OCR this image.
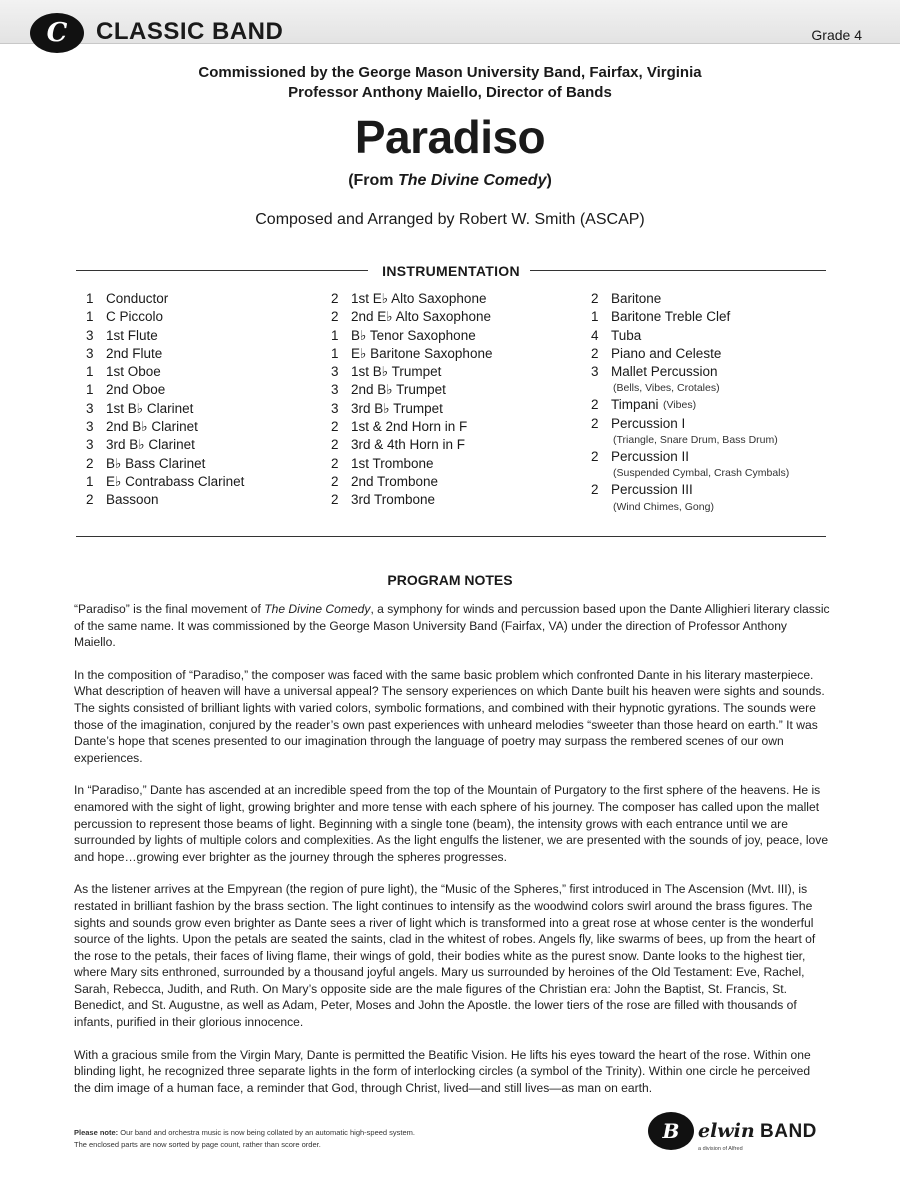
C CLASSIC BAND	Grade 4
Commissioned by the George Mason University Band, Fairfax, Virginia
Professor Anthony Maiello, Director of Bands
Paradiso
(From The Divine Comedy)
Composed and Arranged by Robert W. Smith (ASCAP)
INSTRUMENTATION
1 Conductor
1 C Piccolo
3 1st Flute
3 2nd Flute
1 1st Oboe
1 2nd Oboe
3 1st B♭ Clarinet
3 2nd B♭ Clarinet
3 3rd B♭ Clarinet
2 B♭ Bass Clarinet
1 E♭ Contrabass Clarinet
2 Bassoon
2 1st E♭ Alto Saxophone
2 2nd E♭ Alto Saxophone
1 B♭ Tenor Saxophone
1 E♭ Baritone Saxophone
3 1st B♭ Trumpet
3 2nd B♭ Trumpet
3 3rd B♭ Trumpet
2 1st & 2nd Horn in F
2 3rd & 4th Horn in F
2 1st Trombone
2 2nd Trombone
2 3rd Trombone
2 Baritone
1 Baritone Treble Clef
4 Tuba
2 Piano and Celeste
3 Mallet Percussion
(Bells, Vibes, Crotales)
2 Timpani (Vibes)
2 Percussion I
(Triangle, Snare Drum, Bass Drum)
2 Percussion II
(Suspended Cymbal, Crash Cymbals)
2 Percussion III
(Wind Chimes, Gong)
PROGRAM NOTES

“Paradiso” is the final movement of The Divine Comedy, a symphony for winds and percussion based upon the Dante Allighieri literary classic of the same name. It was commissioned by the George Mason University Band (Fairfax, VA) under the direction of Professor Anthony Maiello.

In the composition of “Paradiso,” the composer was faced with the same basic problem which confronted Dante in his literary masterpiece. What description of heaven will have a universal appeal? The sensory experiences on which Dante built his heaven were sights and sounds. The sights consisted of brilliant lights with varied colors, symbolic formations, and combined with their hypnotic gyrations. The sounds were those of the imagination, conjured by the reader’s own past experiences with unheard melodies “sweeter than those heard on earth.” It was Dante’s hope that scenes presented to our imagination through the language of poetry may surpass the rembered scenes of our own experiences.

In “Paradiso,” Dante has ascended at an incredible speed from the top of the Mountain of Purgatory to the first sphere of the heavens. He is enamored with the sight of light, growing brighter and more tense with each sphere of his journey. The composer has called upon the mallet percussion to represent those beams of light. Beginning with a single tone (beam), the intensity grows with each entrance until we are surrounded by lights of multiple colors and complexities. As the light engulfs the listener, we are presented with the sounds of joy, peace, love and hope…growing ever brighter as the journey through the spheres progresses.

As the listener arrives at the Empyrean (the region of pure light), the “Music of the Spheres,” first introduced in The Ascension (Mvt. III), is restated in brilliant fashion by the brass section. The light continues to intensify as the woodwind colors swirl around the brass figures. The sights and sounds grow even brighter as Dante sees a river of light which is transformed into a great rose at whose center is the wonderful source of the lights. Upon the petals are seated the saints, clad in the whitest of robes. Angels fly, like swarms of bees, up from the heart of the rose to the petals, their faces of living flame, their wings of gold, their bodies white as the purest snow. Dante looks to the highest tier, where Mary sits enthroned, surrounded by a thousand joyful angels. Mary us surrounded by heroines of the Old Testament: Eve, Rachel, Sarah, Rebecca, Judith, and Ruth. On Mary’s opposite side are the male figures of the Christian era: John the Baptist, St. Francis, St. Benedict, and St. Augustne, as well as Adam, Peter, Moses and John the Apostle. the lower tiers of the rose are filled with thousands of infants, purified in their glorious innocence.

With a gracious smile from the Virgin Mary, Dante is permitted the Beatific Vision. He lifts his eyes toward the heart of the rose. Within one blinding light, he recognized three separate lights in the form of interlocking circles (a symbol of the Trinity). Within one circle he perceived the dim image of a human face, a reminder that God, through Christ, lived—and still lives—as man on earth.

Please note: Our band and orchestra music is now being collated by an automatic high-speed system.
The enclosed parts are now sorted by page count, rather than score order.
B elwin BAND
a division of Alfred
